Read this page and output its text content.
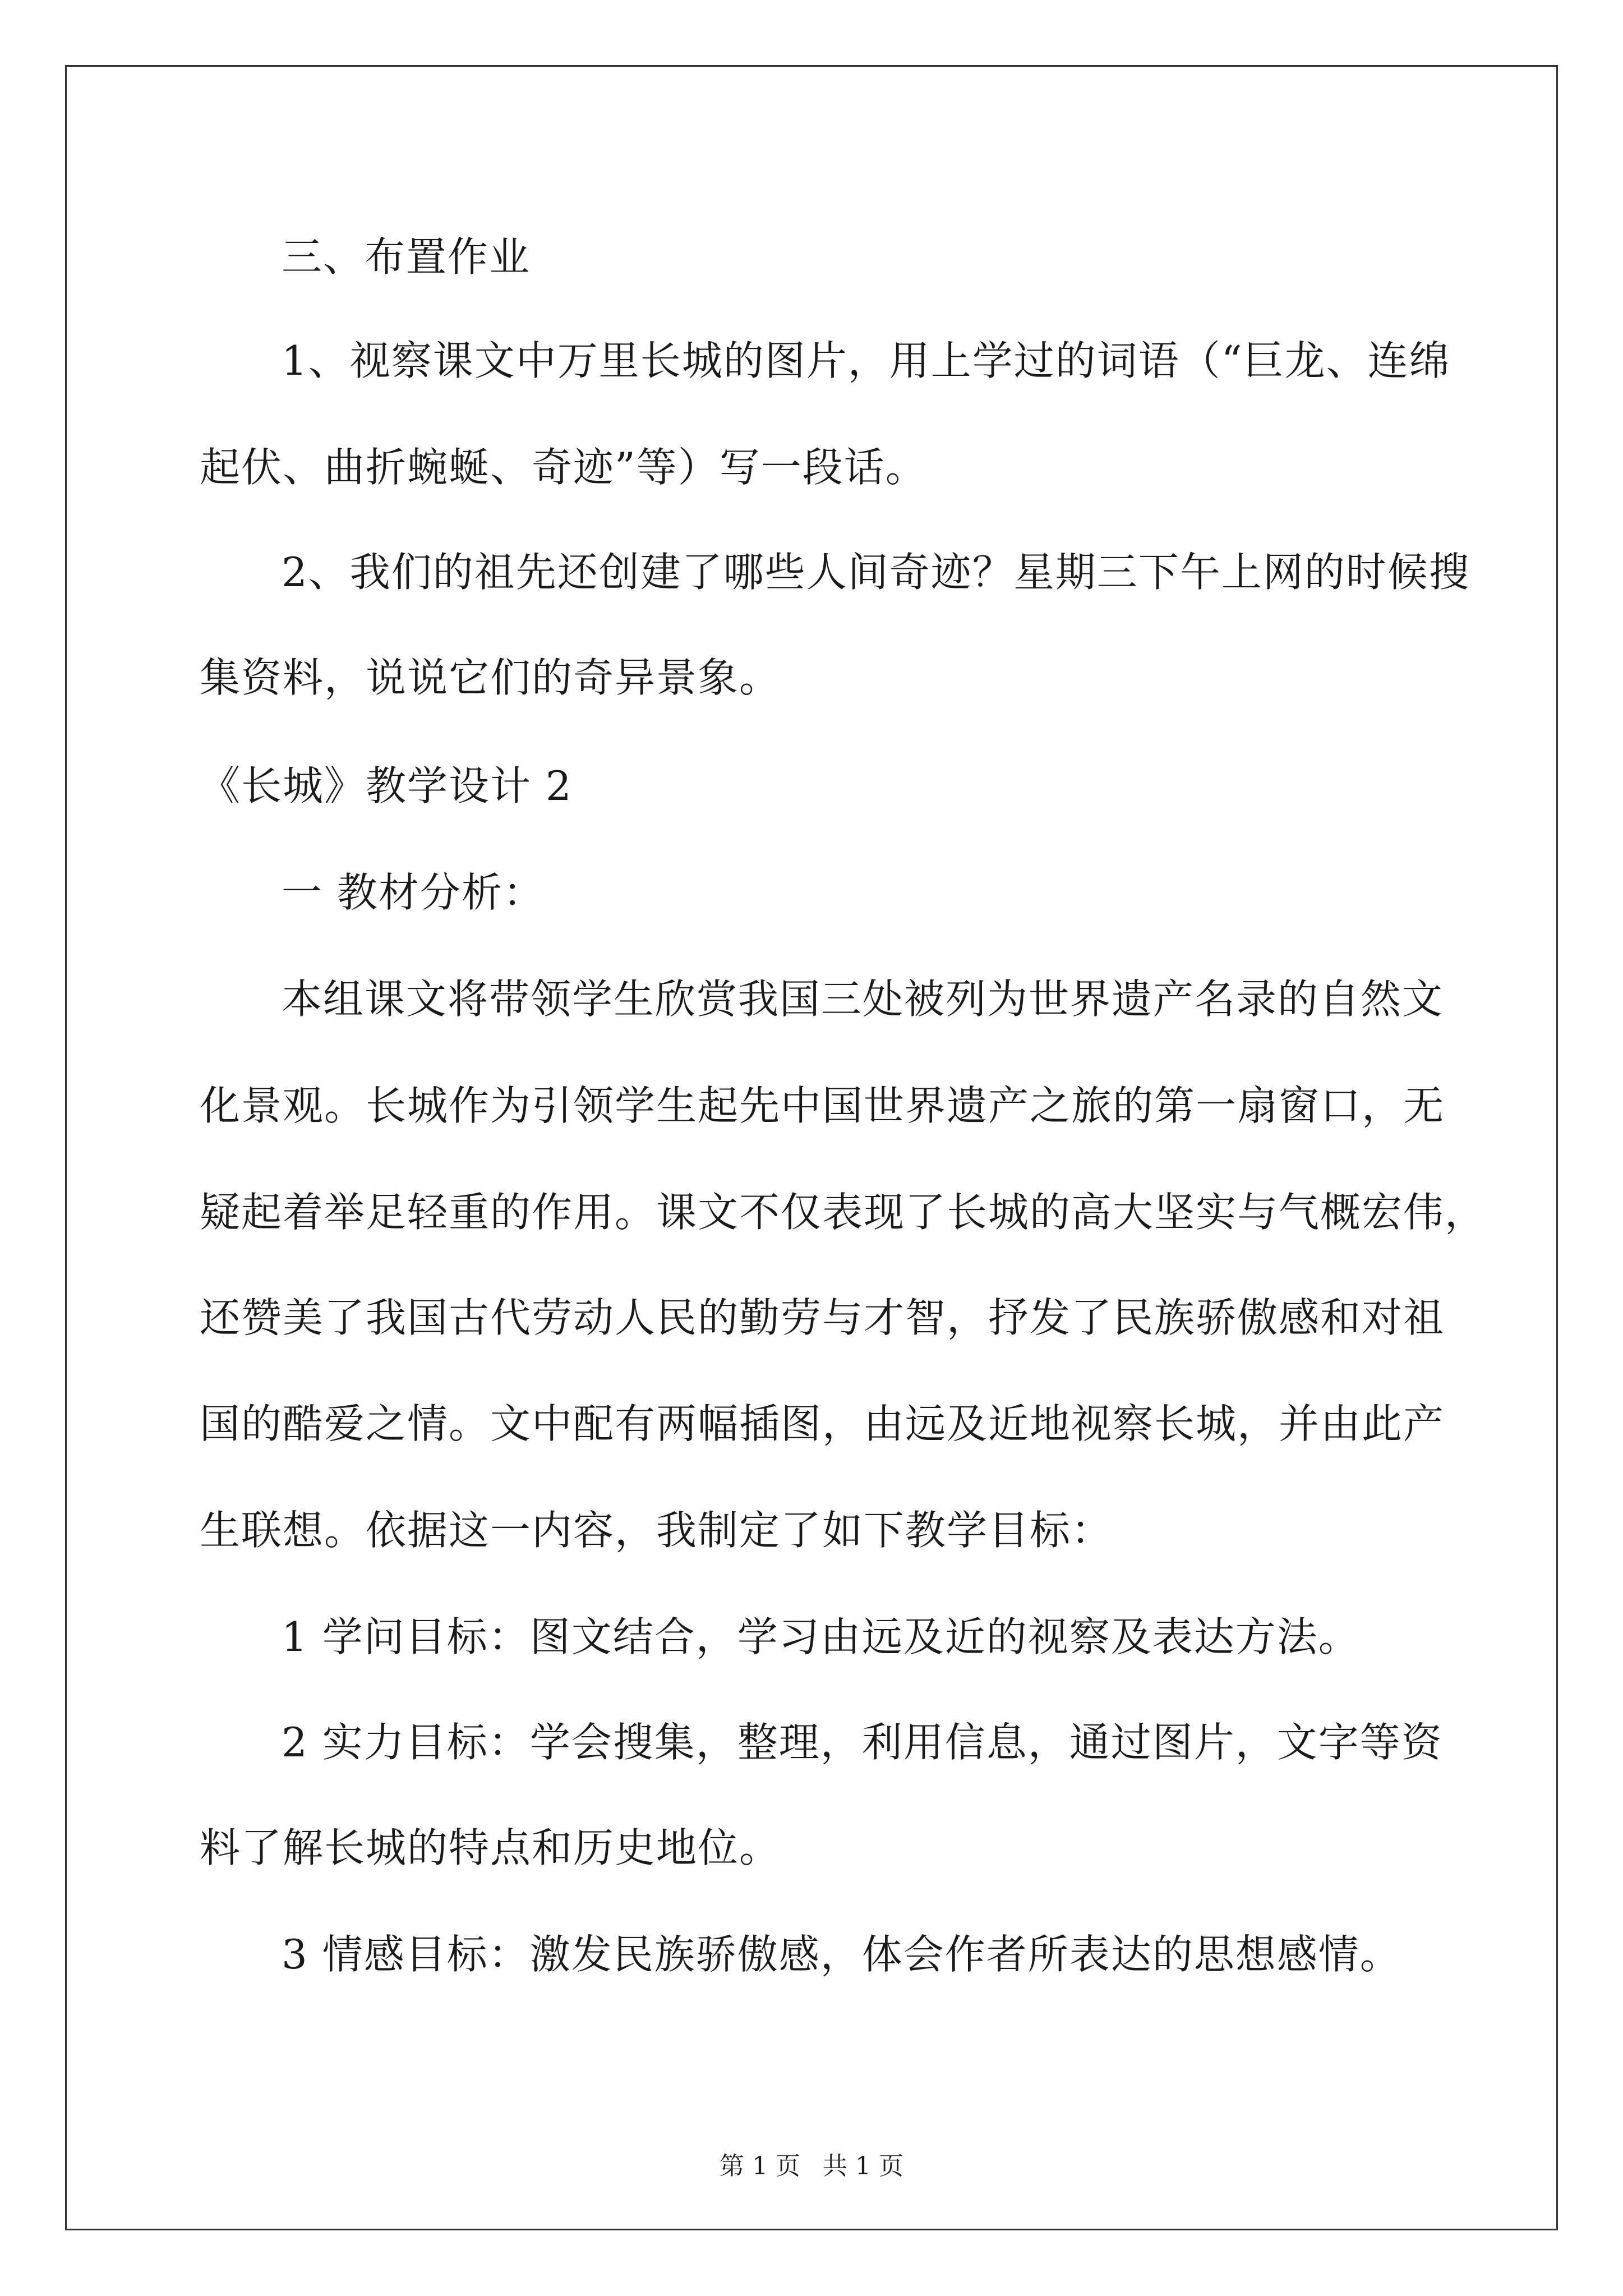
三、布置作业
1、视察课文中万里长城的图片，用上学过的词语（“巨龙、连绵
起伏、曲折蜿蜒、奇迹”等）写一段话。
2、我们的祖先还创建了哪些人间奇迹？星期三下午上网的时候搜
集资料，说说它们的奇异景象。
《长城》教学设计 2
一 教材分析：
本组课文将带领学生欣赏我国三处被列为世界遗产名录的自然文
化景观。长城作为引领学生起先中国世界遗产之旅的第一扇窗口，无
疑起着举足轻重的作用。课文不仅表现了长城的高大坚实与气概宏伟，
还赞美了我国古代劳动人民的勤劳与才智，抒发了民族骄傲感和对祖
国的酷爱之情。文中配有两幅插图，由远及近地视察长城，并由此产
生联想。依据这一内容，我制定了如下教学目标：
1 学问目标：图文结合，学习由远及近的视察及表达方法。
2 实力目标：学会搜集，整理，利用信息，通过图片，文字等资
料了解长城的特点和历史地位。
3 情感目标：激发民族骄傲感，体会作者所表达的思想感情。
第 1 页 共 1 页
